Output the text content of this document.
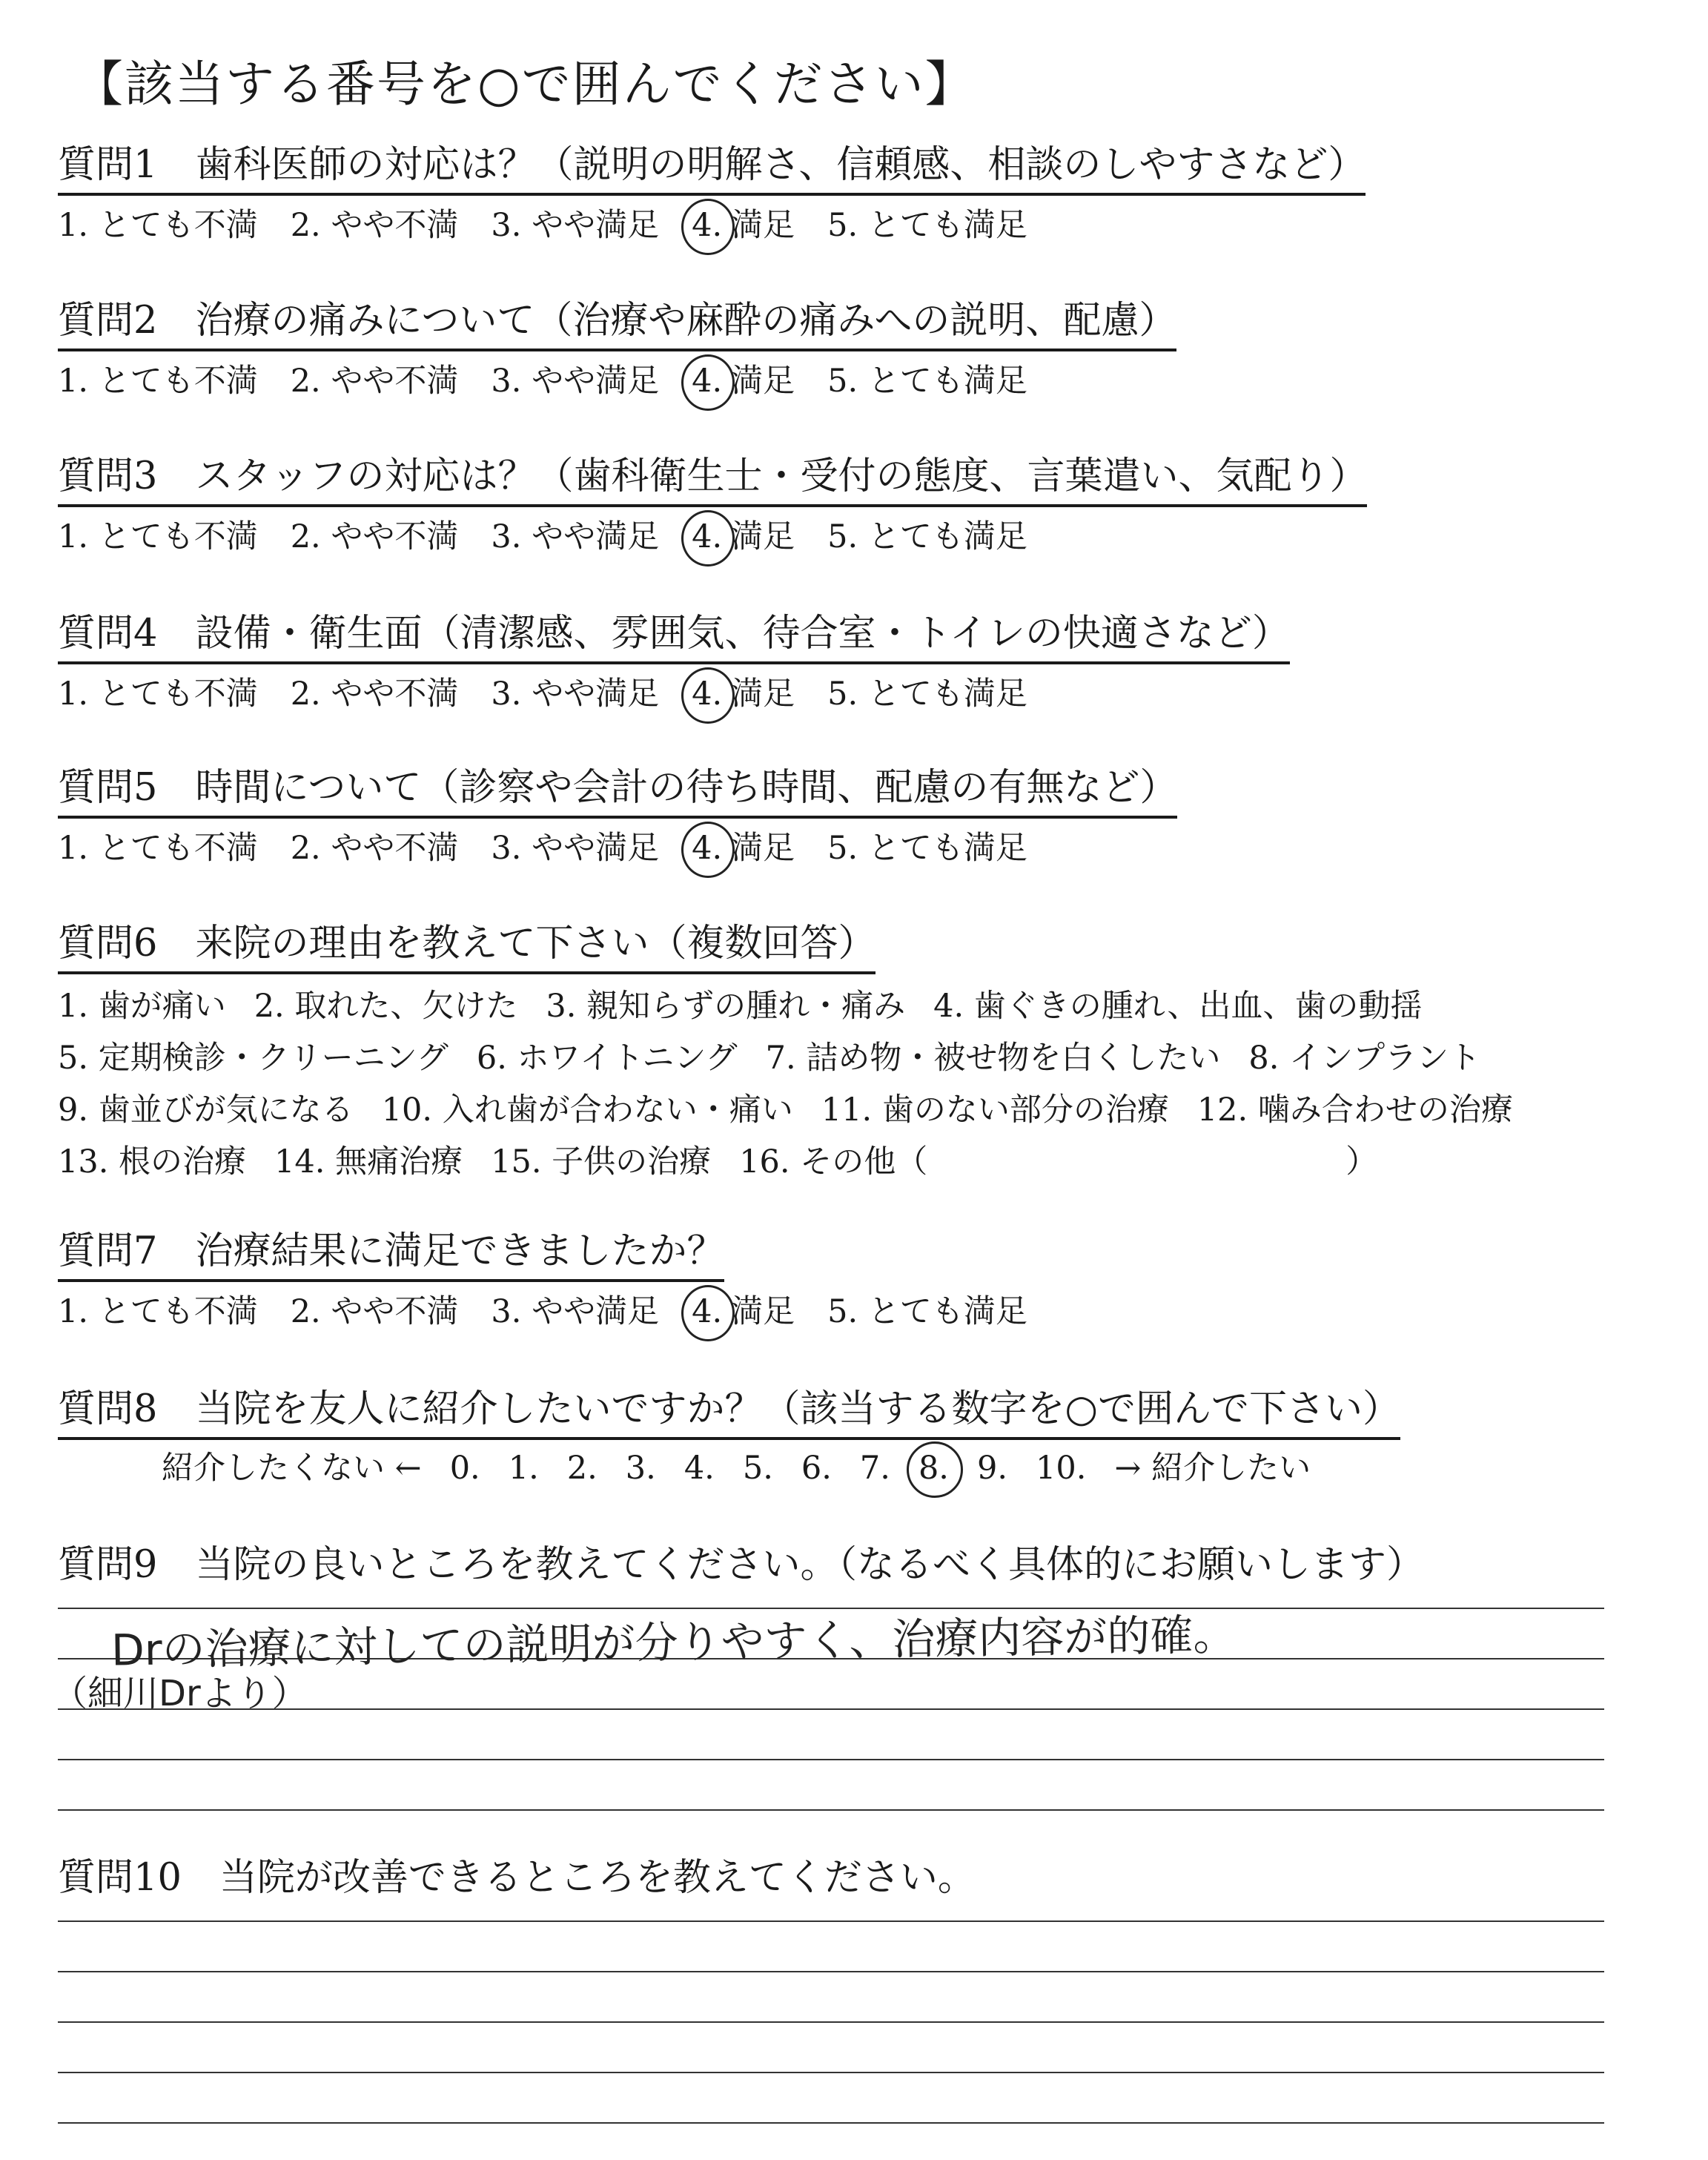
【該当する番号を○で囲んでください】
質問1　歯科医師の対応は？（説明の明解さ、信頼感、相談のしやすさなど）
1. とても不満 2. やや不満 3. やや満足 4. 満足 5. とても満足
質問2　治療の痛みについて（治療や麻酔の痛みへの説明、配慮）
1. とても不満 2. やや不満 3. やや満足 4. 満足 5. とても満足
質問3　スタッフの対応は？（歯科衛生士・受付の態度、言葉遣い、気配り）
1. とても不満 2. やや不満 3. やや満足 4. 満足 5. とても満足
質問4　設備・衛生面（清潔感、雰囲気、待合室・トイレの快適さなど）
1. とても不満 2. やや不満 3. やや満足 4. 満足 5. とても満足
質問5　時間について（診察や会計の待ち時間、配慮の有無など）
1. とても不満 2. やや不満 3. やや満足 4. 満足 5. とても満足
質問6　来院の理由を教えて下さい（複数回答）
1. 歯が痛い 2. 取れた、欠けた 3. 親知らずの腫れ・痛み 4. 歯ぐきの腫れ、出血、歯の動揺
5. 定期検診・クリーニング 6. ホワイトニング 7. 詰め物・被せ物を白くしたい 8. インプラント
9. 歯並びが気になる 10. 入れ歯が合わない・痛い 11. 歯のない部分の治療 12. 噛み合わせの治療
13. 根の治療 14. 無痛治療 15. 子供の治療 16. その他（	）
質問7　治療結果に満足できましたか？
1. とても不満 2. やや不満 3. やや満足 4. 満足 5. とても満足
質問8　当院を友人に紹介したいですか？（該当する数字を○で囲んで下さい）
紹介したくない ← 0. 1. 2. 3. 4. 5. 6. 7. 8. 9. 10. → 紹介したい
質問9　当院の良いところを教えてください。（なるべく具体的にお願いします）
Drの治療に対しての説明が分りやすく、治療内容が的確。
（細川Drより）
質問10　当院が改善できるところを教えてください。
